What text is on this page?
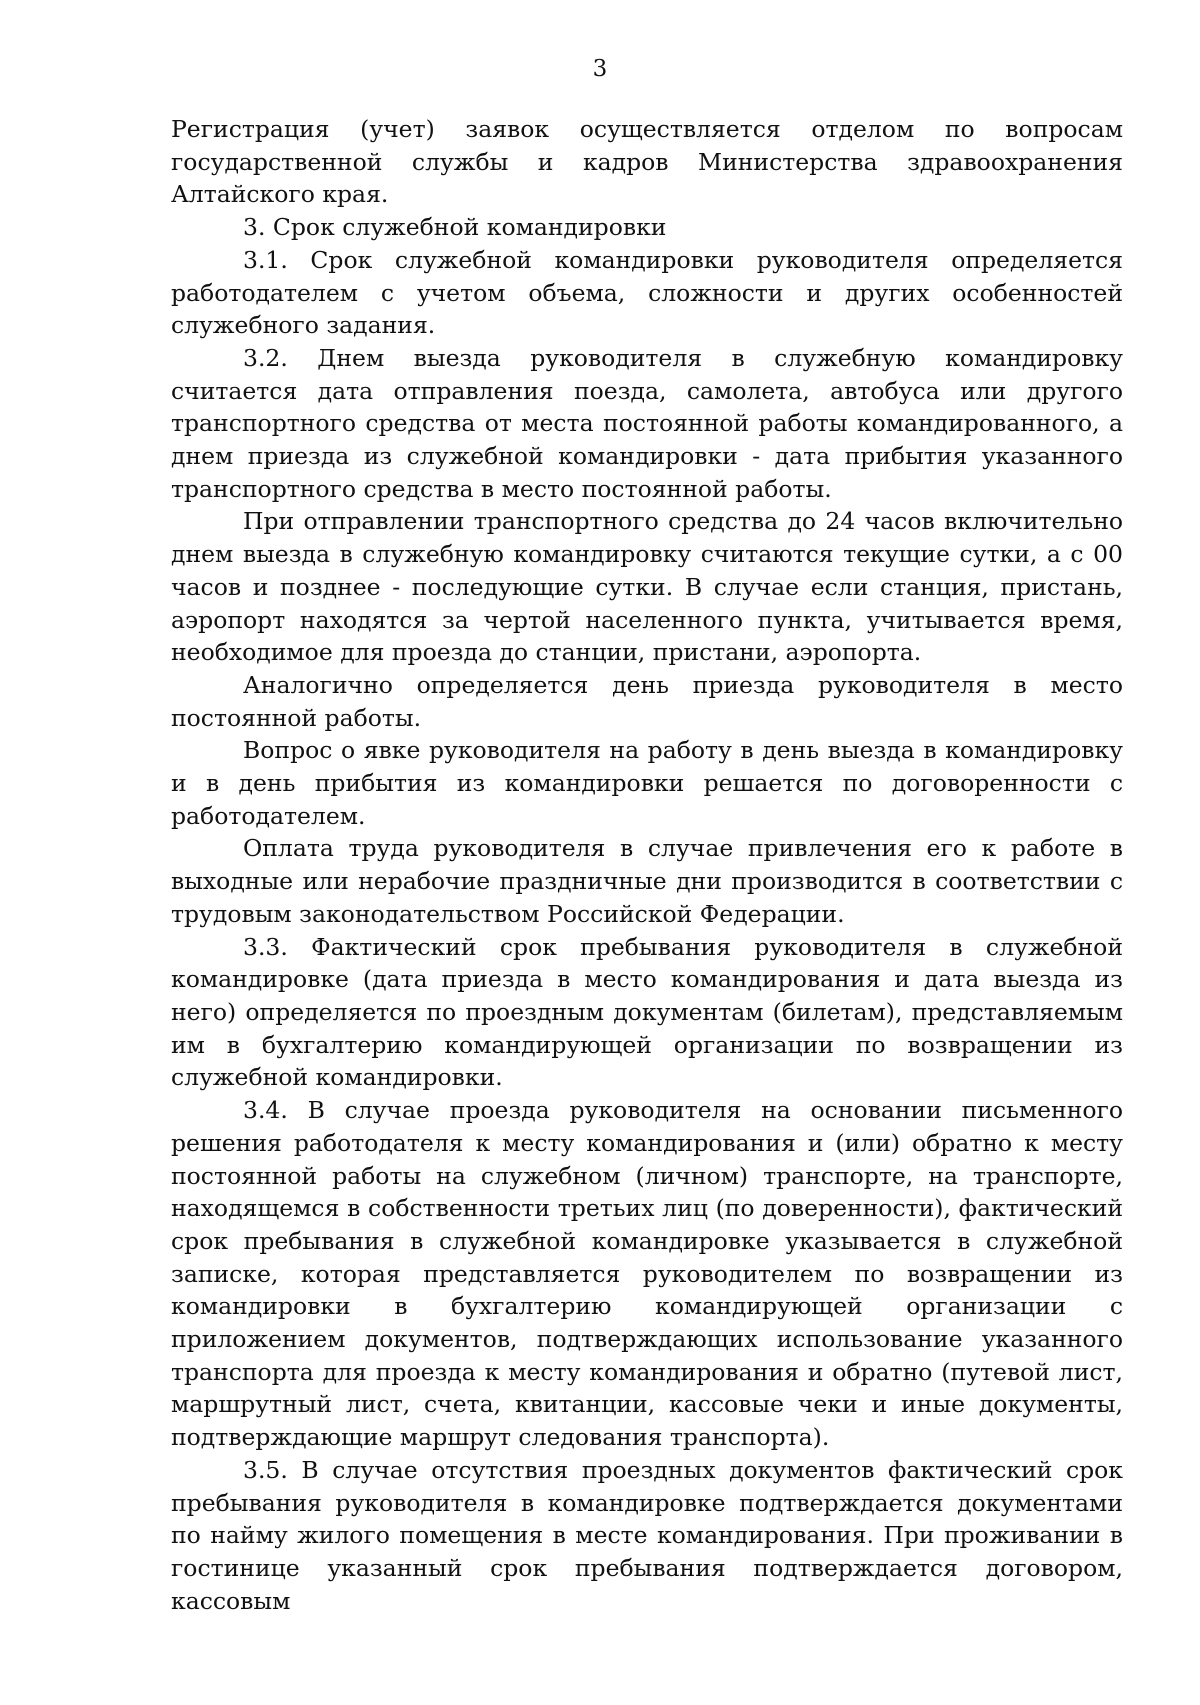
3

Регистрация (учет) заявок осуществляется отделом по вопросам государственной службы и кадров Министерства здравоохранения Алтайского края.

3. Срок служебной командировки

3.1. Срок служебной командировки руководителя определяется работодателем с учетом объема, сложности и других особенностей служебного задания.

3.2. Днем выезда руководителя в служебную командировку считается дата отправления поезда, самолета, автобуса или другого транспортного средства от места постоянной работы командированного, а днем приезда из служебной командировки - дата прибытия указанного транспортного средства в место постоянной работы.

При отправлении транспортного средства до 24 часов включительно днем выезда в служебную командировку считаются текущие сутки, а с 00 часов и позднее - последующие сутки. В случае если станция, пристань, аэропорт находятся за чертой населенного пункта, учитывается время, необходимое для проезда до станции, пристани, аэропорта.

Аналогично определяется день приезда руководителя в место постоянной работы.

Вопрос о явке руководителя на работу в день выезда в командировку и в день прибытия из командировки решается по договоренности с работодателем.

Оплата труда руководителя в случае привлечения его к работе в выходные или нерабочие праздничные дни производится в соответствии с трудовым законодательством Российской Федерации.

3.3. Фактический срок пребывания руководителя в служебной командировке (дата приезда в место командирования и дата выезда из него) определяется по проездным документам (билетам), представляемым им в бухгалтерию командирующей организации по возвращении из служебной командировки.

3.4. В случае проезда руководителя на основании письменного решения работодателя к месту командирования и (или) обратно к месту постоянной работы на служебном (личном) транспорте, на транспорте, находящемся в собственности третьих лиц (по доверенности), фактический срок пребывания в служебной командировке указывается в служебной записке, которая представляется руководителем по возвращении из командировки в бухгалтерию командирующей организации с приложением документов, подтверждающих использование указанного транспорта для проезда к месту командирования и обратно (путевой лист, маршрутный лист, счета, квитанции, кассовые чеки и иные документы, подтверждающие маршрут следования транспорта).

3.5. В случае отсутствия проездных документов фактический срок пребывания руководителя в командировке подтверждается документами по найму жилого помещения в месте командирования. При проживании в гостинице указанный срок пребывания подтверждается договором, кассовым
